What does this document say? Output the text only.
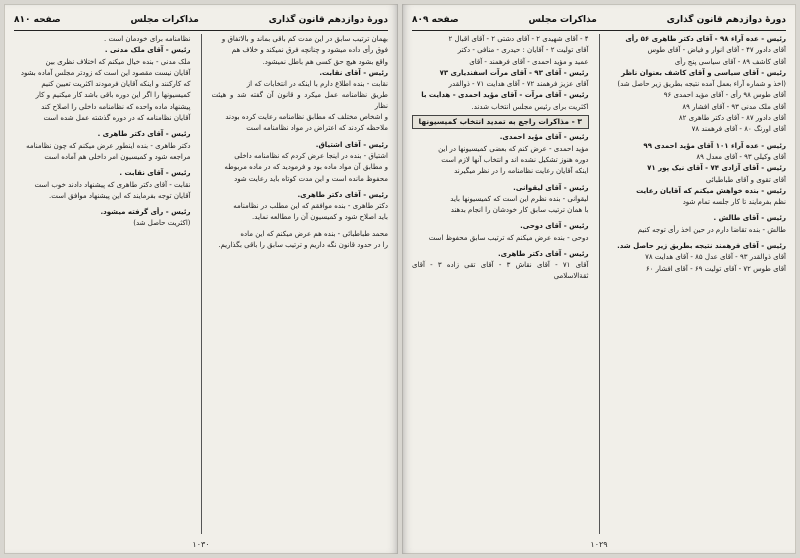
دورهٔ دوازدهم قانون گذاری
مذاکرات مجلس
صفحه ۸۱۰

بهمان ترتیب سابق در این مدت کم باقی بماند و بالاتفاق و

فوق رأی داده میشود و چنانچه فرق نمیکند و خلاف هم

واقع بشود هیچ حق کسی هم باطل نمیشود.

رئیس - آقای نقابت.

نقابت - بنده اطلاع دارم با اینکه در انتخابات که از

طریق نظامنامه عمل میکرد و قانون آن گفته شد و هیئت نظار

و اشخاص مختلف که مطابق نظامنامه رعایت کرده بودند

ملاحظه کردند که اعتراض در مواد نظامنامه است

رئیس - آقای اشتیاق.

اشتیاق - بنده در اینجا عرض کردم که نظامنامه داخلی

و مطابق آن مواد ماده بود و فرمودید که در ماده مربوطه

محفوظ مانده است و این مدت کوتاه باید رعایت شود

رئیس - آقای دکتر طاهری.

دکتر طاهری - بنده موافقم که این مطلب در نظامنامه

باید اصلاح شود و کمیسیون آن را مطالعه نماید.

محمد طباطبائی - بنده هم عرض میکنم که این ماده

را در حدود قانون نگه داریم و ترتیب سابق را باقی بگذاریم.

نظامنامه برای خودمان است .

رئیس - آقای ملک مدنی .

ملک مدنی - بنده خیال میکنم که اختلاف نظری بین

آقایان نیست مقصود این است که زودتر مجلس آماده بشود

که کارکنند و اینکه آقایان فرمودند اکثریت تعیین کنیم

کمیسیونها را اگر این دوره باقی باشد کار میکنیم و کار

پیشنهاد ماده واحده که نظامنامه داخلی را اصلاح کند

آقایان نظامنامه که در دوره گذشته عمل شده است

رئیس - آقای دکتر طاهری .

دکتر طاهری - بنده اینطور عرض میکنم که چون نظامنامه

مراجعه شود و کمیسیون امر داخلی هم آماده است

رئیس - آقای نقابت .

نقابت - آقای دکتر طاهری که پیشنهاد دادند خوب است

آقایان توجه بفرمایند که این پیشنهاد موافق است.

رئیس - رأی گرفته میشود.

(اکثریت حاصل شد)

۱۰۳۰
دورهٔ دوازدهم قانون گذاری
مذاکرات مجلس
صفحه ۸۰۹

رئیس - عده آراء ۹۸ - آقای دکتر طاهری ۵۶ رأی

آقای دادور ۴۷ - آقای انوار و فیاض - آقای طوس

آقای کاشف ۸۹ - آقای سیاسی پنج رأی

رئیس - آقای سیاسی و آقای کاشف بعنوان ناظر

(اخذ و شماره آراء بعمل آمده نتیجه بطریق زیر حاصل شد)

آقای طوس ۹۸ رأی - آقای مؤید احمدی ۹۶

آقای ملک مدنی ۹۳ - آقای افشار ۸۹

آقای دادور ۸۷ - آقای دکتر طاهری ۸۲

آقای اورنگ ۸۰ - آقای فرهمند ۷۸

رئیس - عده آراء ۱۰۱ آقای مؤید احمدی ۹۹

آقای وکیلی ۹۳ - آقای معدل ۸۹

رئیس - آقای آزادی ۷۴ - آقای نیک پور ۷۱

آقای تقوی و آقای طباطبائی

رئیس - بنده خواهش میکنم که آقایان رعایت

نظم بفرمایند تا کار جلسه تمام شود

رئیس - آقای طالش .

طالش - بنده تقاضا دارم در حین اخذ رأی توجه کنیم

رئیس - آقای فرهمند نتیجه بطریق زیر حاصل شد.

آقای ذوالقدر ۹۳ - آقای عدل ۸۵ - آقای هدایت ۷۸

آقای طوس ۷۲ - آقای تولیت ۶۹ - آقای افشار ۶۰

۴ - آقای شهیدی ۲ - آقای دشتی ۲ - آقای اقبال ۲

آقای تولیت ۲ - آقایان : حیدری - منافی - دکتر

عمید و مؤید احمدی - آقای فرهمند - آقای

رئیس - آقای ۹۳ - آقای مرآت اسفندیاری ۷۳

آقای عزیز فرهمند ۷۲ - آقای هدایت ۷۱ - ذوالقدر

رئیس - آقای مرآت - آقای مؤید احمدی - هدایت با

اکثریت برای رئیس مجلس انتخاب شدند.

۳ - مذاکرات راجع به تمدید انتخاب کمیسیونها

رئیس - آقای مؤید احمدی.

مؤید احمدی - عرض کنم که بعضی کمیسیونها در این

دوره هنوز تشکیل نشده اند و انتخاب آنها لازم است

اینکه آقایان رعایت نظامنامه را در نظر میگیرند

رئیس - آقای لیقوانی.

لیقوانی - بنده نظرم این است که کمیسیونها باید

با همان ترتیب سابق کار خودشان را انجام بدهند

رئیس - آقای دوحی.

دوحی - بنده عرض میکنم که ترتیب سابق محفوظ است

رئیس - آقای دکتر طاهری.

آقای ۷۱ - آقای نقاش ۳ - آقای تقی زاده ۳ - آقای ثقةالاسلامی

۱۰۲۹
